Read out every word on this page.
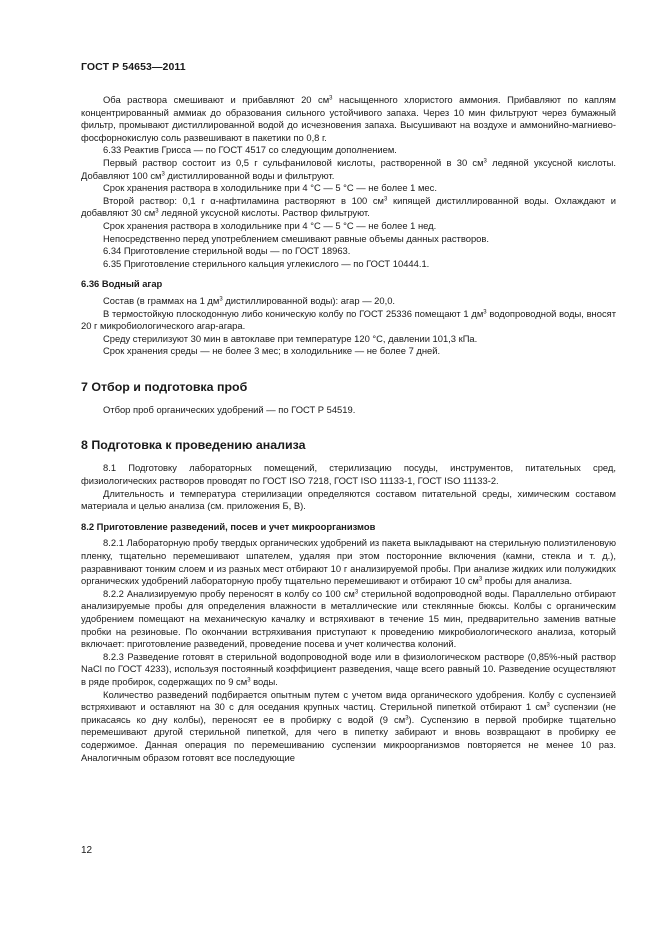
ГОСТ Р 54653—2011

Оба раствора смешивают и прибавляют 20 $см^3$ насыщенного хлористого аммония. Прибавляют по каплям концентрированный аммиак до образования сильного устойчивого запаха. Через 10 мин фильтруют через бумажный фильтр, промывают дистиллированной водой до исчезновения запаха. Высушивают на воздухе и аммонийно-магниево-фосфорнокислую соль развешивают в пакетики по 0,8 г.

6.33 Реактив Грисса — по ГОСТ 4517 со следующим дополнением.

Первый раствор состоит из 0,5 г сульфаниловой кислоты, растворенной в 30 $см^3$ ледяной уксусной кислоты. Добавляют 100 $см^3$ дистиллированной воды и фильтруют.

Срок хранения раствора в холодильнике при 4 °С — 5 °С — не более 1 мес.

Второй раствор: 0,1 г α-нафтиламина растворяют в 100 $см^3$ кипящей дистиллированной воды. Охлаждают и добавляют 30 $см^3$ ледяной уксусной кислоты. Раствор фильтруют.

Срок хранения раствора в холодильнике при 4 °С — 5 °С — не более 1 нед.

Непосредственно перед употреблением смешивают равные объемы данных растворов.

6.34 Приготовление стерильной воды — по ГОСТ 18963.

6.35 Приготовление стерильного кальция углекислого — по ГОСТ 10444.1.

6.36 Водный агар

Состав (в граммах на 1 $дм^3$ дистиллированной воды): агар — 20,0.

В термостойкую плоскодонную либо коническую колбу по ГОСТ 25336 помещают 1 $дм^3$ водопроводной воды, вносят 20 г микробиологического агар-агара.

Среду стерилизуют 30 мин в автоклаве при температуре 120 °С, давлении 101,3 кПа.

Срок хранения среды — не более 3 мес; в холодильнике — не более 7 дней.

7 Отбор и подготовка проб

Отбор проб органических удобрений — по ГОСТ Р 54519.

8 Подготовка к проведению анализа

8.1 Подготовку лабораторных помещений, стерилизацию посуды, инструментов, питательных сред, физиологических растворов проводят по ГОСТ ISO 7218, ГОСТ ISO 11133-1, ГОСТ ISO 11133-2.

Длительность и температура стерилизации определяются составом питательной среды, химическим составом материала и целью анализа (см. приложения Б, В).

8.2 Приготовление разведений, посев и учет микроорганизмов

8.2.1 Лабораторную пробу твердых органических удобрений из пакета выкладывают на стерильную полиэтиленовую пленку, тщательно перемешивают шпателем, удаляя при этом посторонние включения (камни, стекла и т. д.), разравнивают тонким слоем и из разных мест отбирают 10 г анализируемой пробы. При анализе жидких или полужидких органических удобрений лабораторную пробу тщательно перемешивают и отбирают 10 $см^3$ пробы для анализа.

8.2.2 Анализируемую пробу переносят в колбу со 100 $см^3$ стерильной водопроводной воды. Параллельно отбирают анализируемые пробы для определения влажности в металлические или стеклянные бюксы. Колбы с органическим удобрением помещают на механическую качалку и встряхивают в течение 15 мин, предварительно заменив ватные пробки на резиновые. По окончании встряхивания приступают к проведению микробиологического анализа, который включает: приготовление разведений, проведение посева и учет количества колоний.

8.2.3 Разведение готовят в стерильной водопроводной воде или в физиологическом растворе (0,85%-ный раствор NaCl по ГОСТ 4233), используя постоянный коэффициент разведения, чаще всего равный 10. Разведение осуществляют в ряде пробирок, содержащих по 9 $см^3$ воды.

Количество разведений подбирается опытным путем с учетом вида органического удобрения. Колбу с суспензией встряхивают и оставляют на 30 с для оседания крупных частиц. Стерильной пипеткой отбирают 1 $см^3$ суспензии (не прикасаясь ко дну колбы), переносят ее в пробирку с водой (9 $см^3$). Суспензию в первой пробирке тщательно перемешивают другой стерильной пипеткой, для чего в пипетку забирают и вновь возвращают в пробирку ее содержимое. Данная операция по перемешиванию суспензии микроорганизмов повторяется не менее 10 раз. Аналогичным образом готовят все последующие

12
